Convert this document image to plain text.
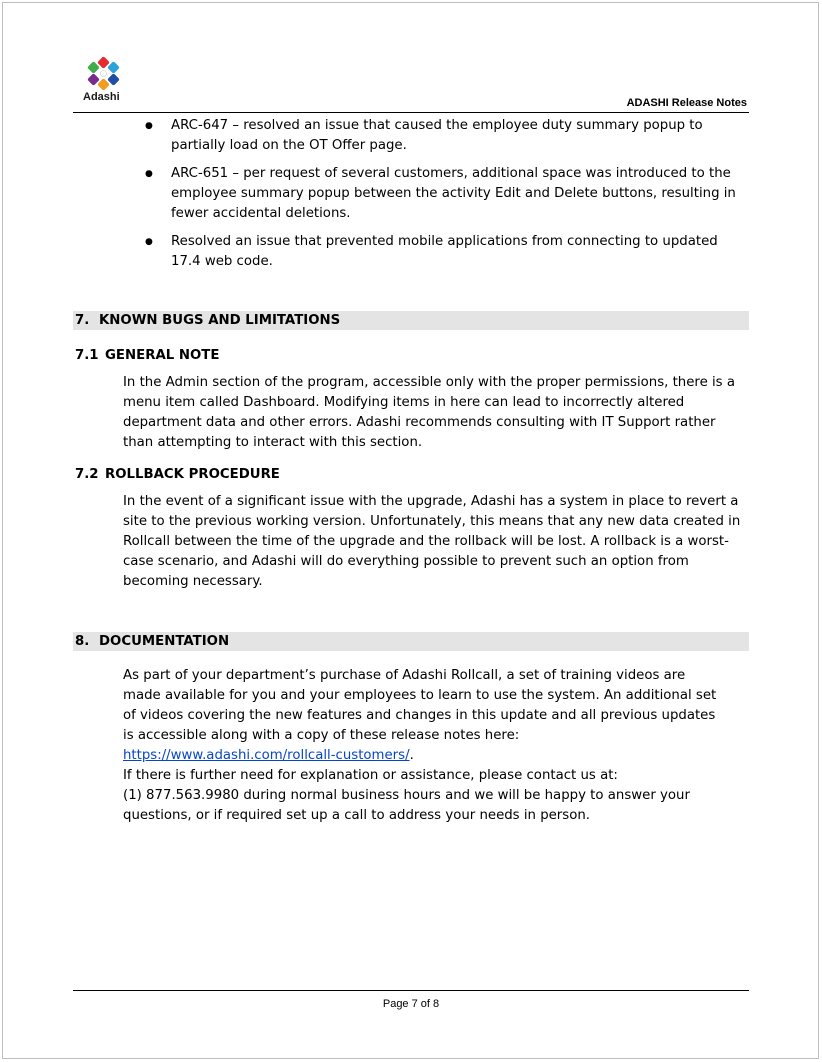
Adashi	ADASHI Release Notes
● ARC-647 – resolved an issue that caused the employee duty summary popup to partially load on the OT Offer page.
● ARC-651 – per request of several customers, additional space was introduced to the employee summary popup between the activity Edit and Delete buttons, resulting in fewer accidental deletions.
● Resolved an issue that prevented mobile applications from connecting to updated 17.4 web code.
7. KNOWN BUGS AND LIMITATIONS
7.1 GENERAL NOTE

In the Admin section of the program, accessible only with the proper permissions, there is a menu item called Dashboard. Modifying items in here can lead to incorrectly altered department data and other errors. Adashi recommends consulting with IT Support rather than attempting to interact with this section.

7.2 ROLLBACK PROCEDURE

In the event of a significant issue with the upgrade, Adashi has a system in place to revert a site to the previous working version. Unfortunately, this means that any new data created in Rollcall between the time of the upgrade and the rollback will be lost. A rollback is a worst-case scenario, and Adashi will do everything possible to prevent such an option from becoming necessary.

8. DOCUMENTATION
As part of your department’s purchase of Adashi Rollcall, a set of training videos are
made available for you and your employees to learn to use the system. An additional set
of videos covering the new features and changes in this update and all previous updates
is accessible along with a copy of these release notes here:
https://www.adashi.com/rollcall-customers/.
If there is further need for explanation or assistance, please contact us at:
(1) 877.563.9980 during normal business hours and we will be happy to answer your questions, or if required set up a call to address your needs in person.
Page 7 of 8
